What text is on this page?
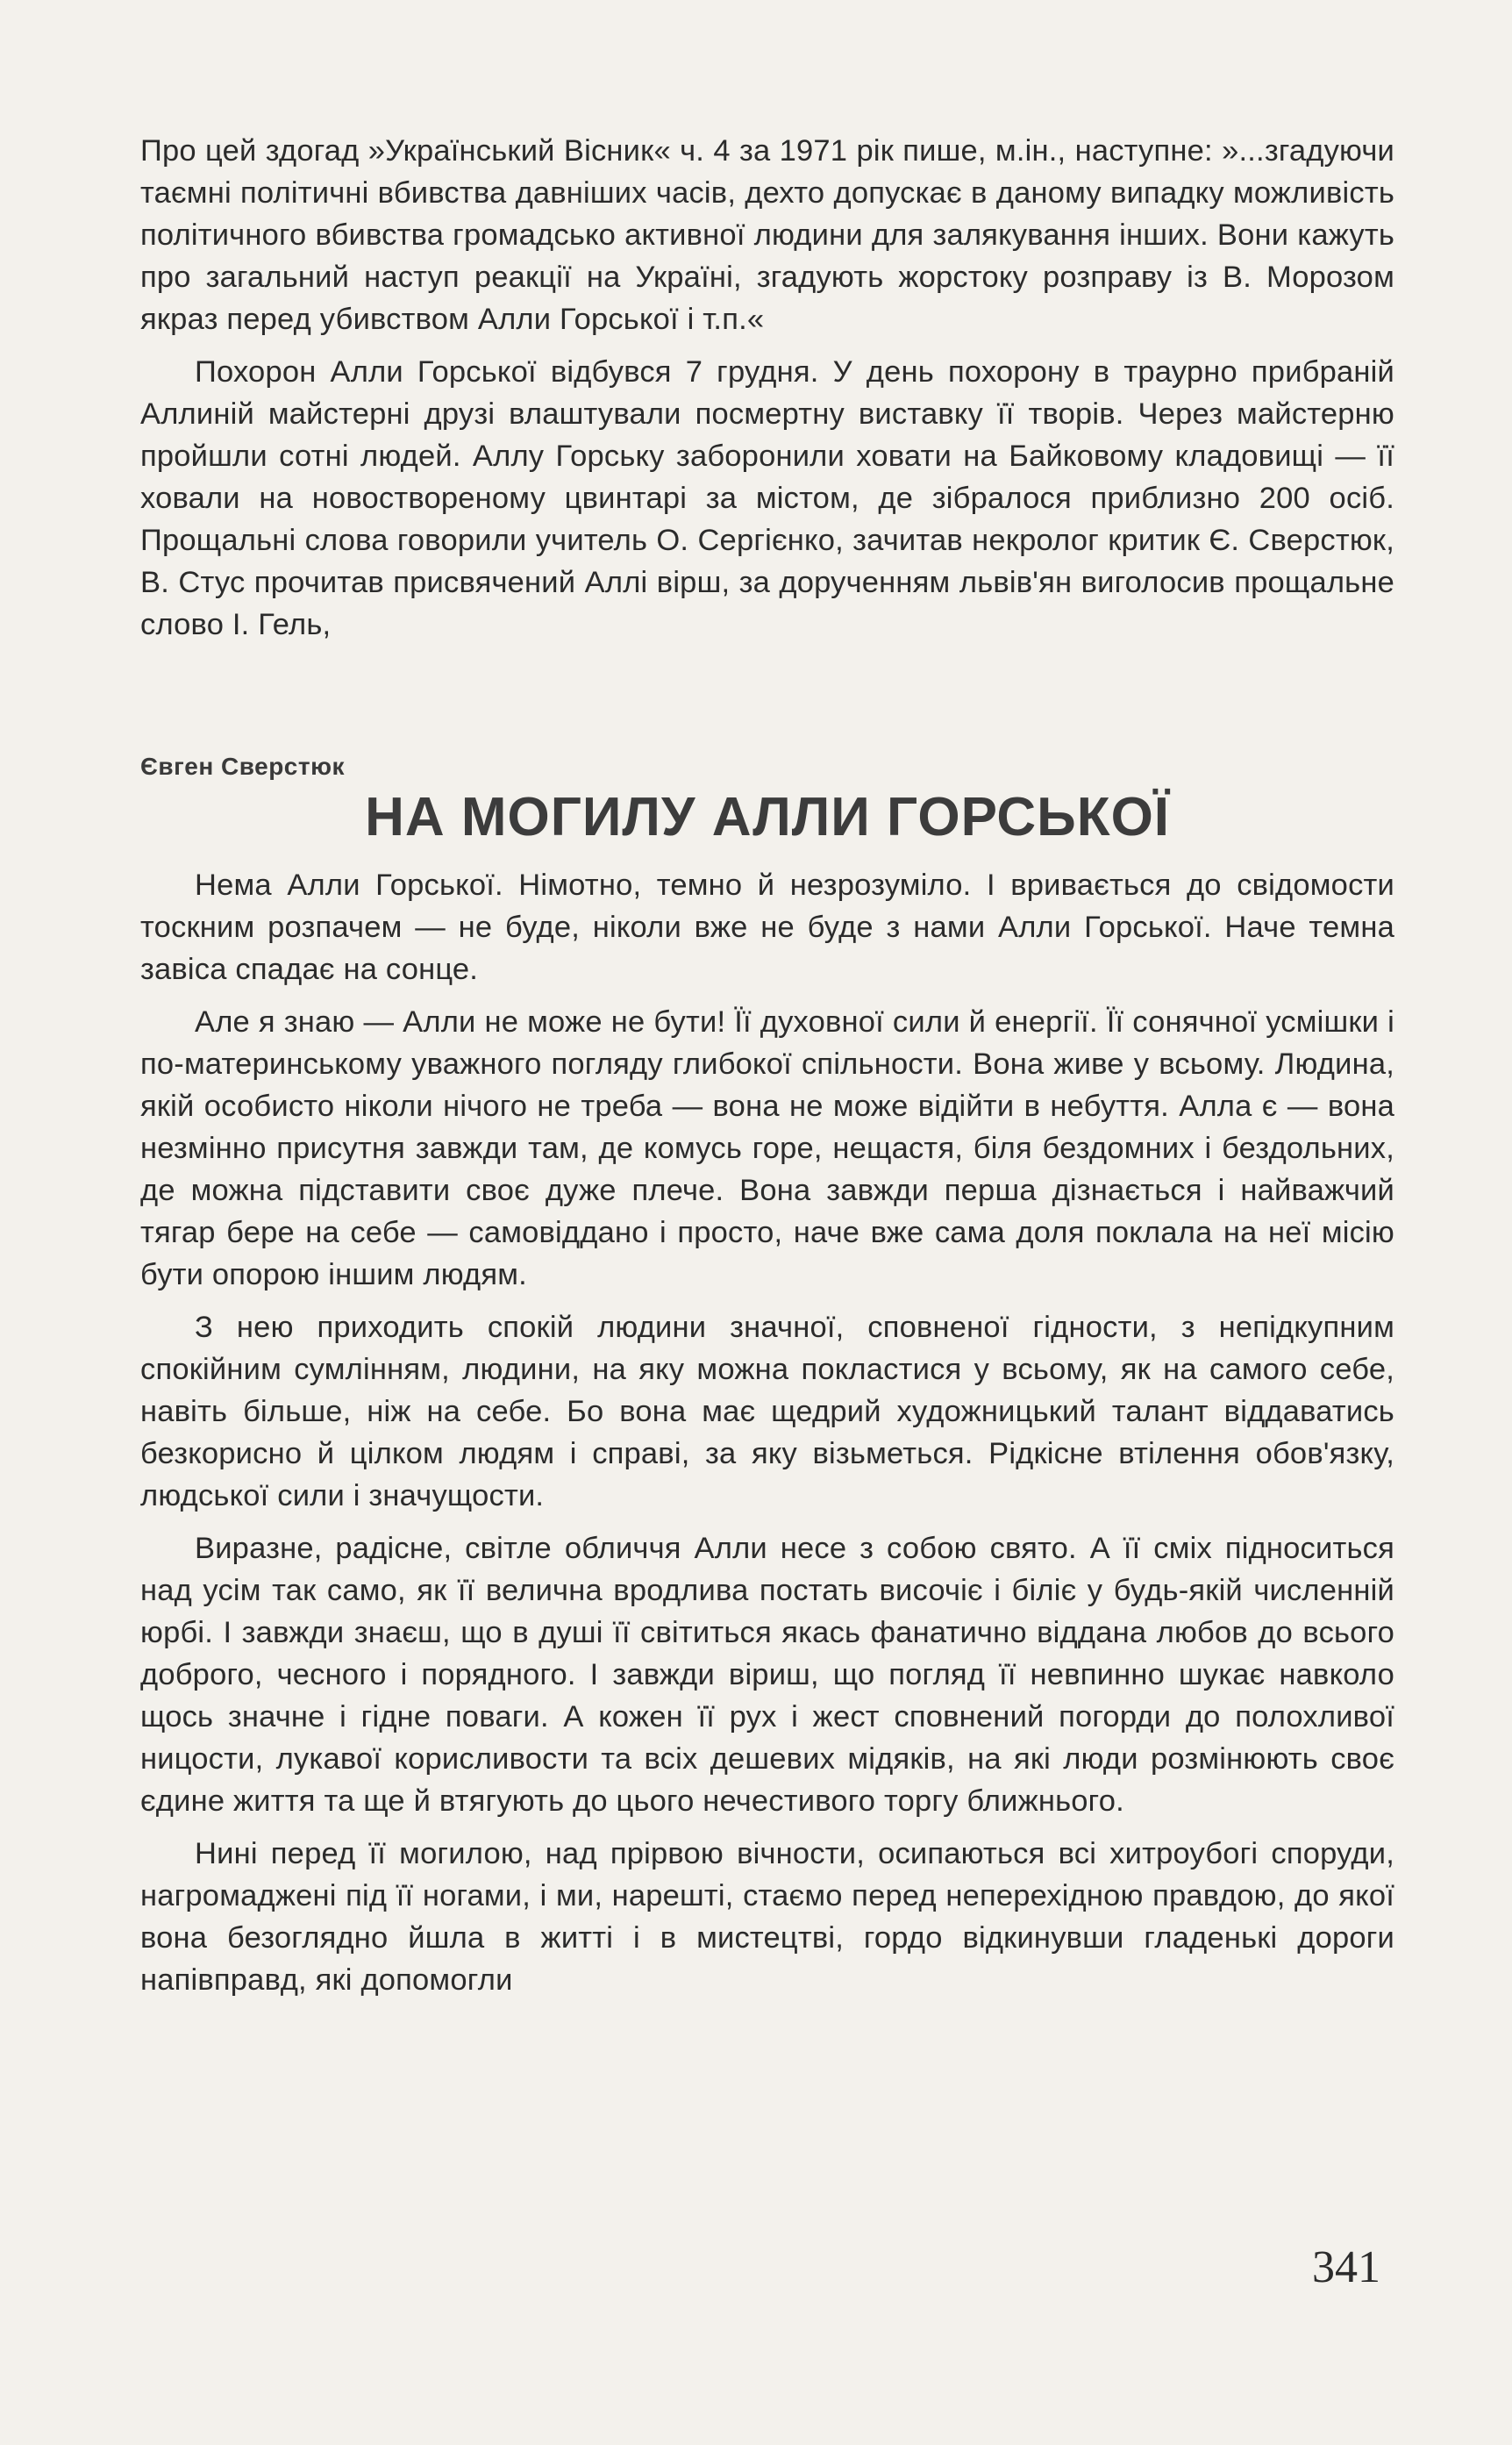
Про цей здогад »Український Вісник« ч. 4 за 1971 рік пише, м.ін., наступне: »...згадуючи таємні політичні вбивства давніших часів, дехто допускає в даному випадку можливість політичного вбивства громадсько активної людини для залякування інших. Вони кажуть про загальний наступ реакції на Україні, згадують жорстоку розправу із В. Морозом якраз перед убивством Алли Горської і т.п.«

Похорон Алли Горської відбувся 7 грудня. У день похорону в траурно прибраній Аллиній майстерні друзі влаштували посмертну виставку її творів. Через майстерню пройшли сотні людей. Аллу Горську заборонили ховати на Байковому кладовищі — її ховали на новоствореному цвинтарі за містом, де зібралося приблизно 200 осіб. Прощальні слова говорили учитель О. Сергієнко, зачитав некролог критик Є. Сверстюк, В. Стус прочитав присвячений Аллі вірш, за дорученням львів'ян виголосив прощальне слово І. Гель,

Євген Сверстюк
НА МОГИЛУ АЛЛИ ГОРСЬКОЇ

Нема Алли Горської. Німотно, темно й незрозуміло. І вривається до свідомости тоскним розпачем — не буде, ніколи вже не буде з нами Алли Горської. Наче темна завіса спадає на сонце.

Але я знаю — Алли не може не бути! Її духовної сили й енергії. Її сонячної усмішки і по-материнському уважного погляду глибокої спільности. Вона живе у всьому. Людина, якій особисто ніколи нічого не треба — вона не може відійти в небуття. Алла є — вона незмінно присутня завжди там, де комусь горе, нещастя, біля бездомних і бездольних, де можна підставити своє дуже плече. Вона завжди перша дізнається і найважчий тягар бере на себе — самовіддано і просто, наче вже сама доля поклала на неї місію бути опорою іншим людям.

З нею приходить спокій людини значної, сповненої гідности, з непідкупним спокійним сумлінням, людини, на яку можна покластися у всьому, як на самого себе, навіть більше, ніж на себе. Бо вона має щедрий художницький талант віддаватись безкорисно й цілком людям і справі, за яку візьметься. Рідкісне втілення обов'язку, людської сили і значущости.

Виразне, радісне, світле обличчя Алли несе з собою свято. А її сміх підноситься над усім так само, як її велична вродлива постать височіє і біліє у будь-якій численній юрбі. І завжди знаєш, що в душі її світиться якась фанатично віддана любов до всього доброго, чесного і порядного. І завжди віриш, що погляд її невпинно шукає навколо щось значне і гідне поваги. А кожен її рух і жест сповнений погорди до полохливої ницости, лукавої корисливости та всіх дешевих мідяків, на які люди розмінюють своє єдине життя та ще й втягують до цього нечестивого торгу ближнього.

Нині перед її могилою, над прірвою вічности, осипаються всі хитроубогі споруди, нагромаджені під її ногами, і ми, нарешті, стаємо перед неперехідною правдою, до якої вона безоглядно йшла в житті і в мистецтві, гордо відкинувши гладенькі дороги напівправд, які допомогли

341
